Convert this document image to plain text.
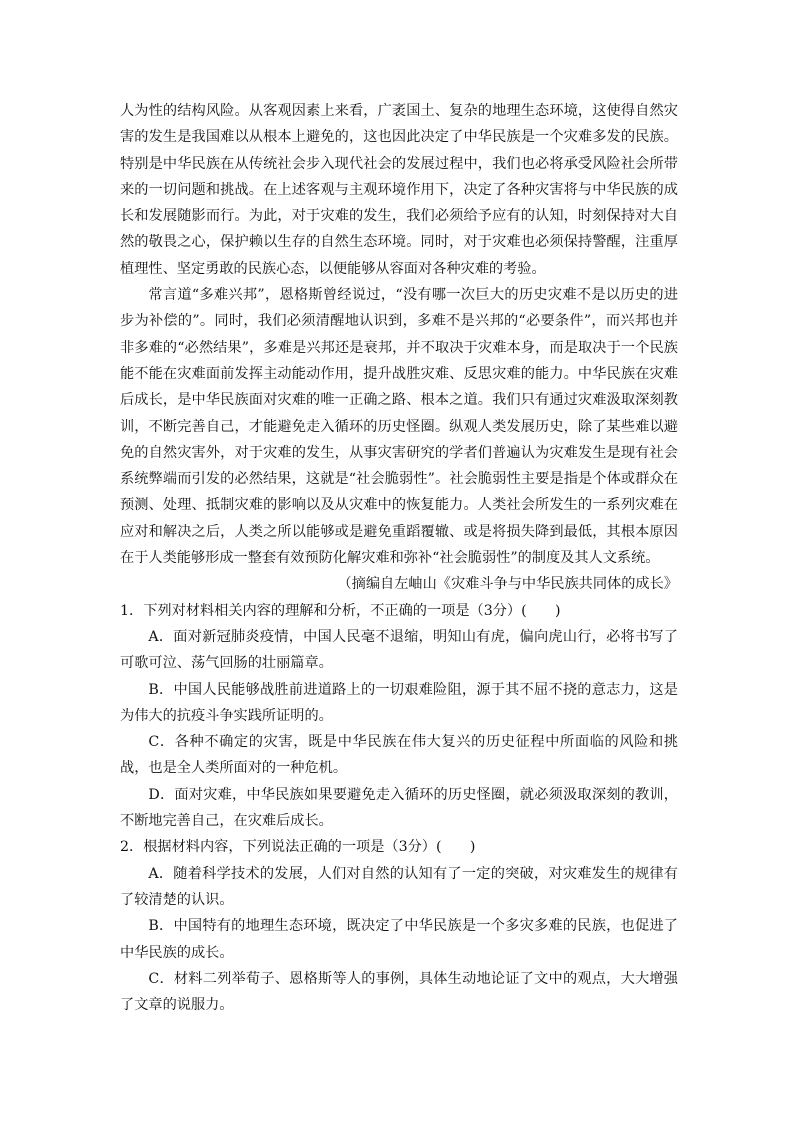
人为性的结构风险。从客观因素上来看，广袤国土、复杂的地理生态环境，这使得自然灾害的发生是我国难以从根本上避免的，这也因此决定了中华民族是一个灾难多发的民族。特别是中华民族在从传统社会步入现代社会的发展过程中，我们也必将承受风险社会所带来的一切问题和挑战。在上述客观与主观环境作用下，决定了各种灾害将与中华民族的成长和发展随影而行。为此，对于灾难的发生，我们必须给予应有的认知，时刻保持对大自然的敬畏之心，保护赖以生存的自然生态环境。同时，对于灾难也必须保持警醒，注重厚植理性、坚定勇敢的民族心态，以便能够从容面对各种灾难的考验。

常言道“多难兴邦”，恩格斯曾经说过，“没有哪一次巨大的历史灾难不是以历史的进步为补偿的”。同时，我们必须清醒地认识到，多难不是兴邦的“必要条件”，而兴邦也并非多难的“必然结果”，多难是兴邦还是衰邦，并不取决于灾难本身，而是取决于一个民族能不能在灾难面前发挥主动能动作用，提升战胜灾难、反思灾难的能力。中华民族在灾难后成长，是中华民族面对灾难的唯一正确之路、根本之道。我们只有通过灾难汲取深刻教训，不断完善自己，才能避免走入循环的历史怪圈。纵观人类发展历史，除了某些难以避免的自然灾害外，对于灾难的发生，从事灾害研究的学者们普遍认为灾难发生是现有社会系统弊端而引发的必然结果，这就是“社会脆弱性”。社会脆弱性主要是指是个体或群众在预测、处理、抵制灾难的影响以及从灾难中的恢复能力。人类社会所发生的一系列灾难在应对和解决之后，人类之所以能够或是避免重蹈覆辙、或是将损失降到最低，其根本原因在于人类能够形成一整套有效预防化解灾难和弥补“社会脆弱性”的制度及其人文系统。

（摘编自左岫山《灾难斗争与中华民族共同体的成长》

1．下列对材料相关内容的理解和分析，不正确的一项是（3分）(　　)

A．面对新冠肺炎疫情，中国人民毫不退缩，明知山有虎，偏向虎山行，必将书写了可歌可泣、荡气回肠的壮丽篇章。

B．中国人民能够战胜前进道路上的一切艰难险阻，源于其不屈不挠的意志力，这是为伟大的抗疫斗争实践所证明的。

C．各种不确定的灾害，既是中华民族在伟大复兴的历史征程中所面临的风险和挑战，也是全人类所面对的一种危机。

D．面对灾难，中华民族如果要避免走入循环的历史怪圈，就必须汲取深刻的教训，不断地完善自己，在灾难后成长。

2．根据材料内容，下列说法正确的一项是（3分）(　　)

A．随着科学技术的发展，人们对自然的认知有了一定的突破，对灾难发生的规律有了较清楚的认识。

B．中国特有的地理生态环境，既决定了中华民族是一个多灾多难的民族，也促进了中华民族的成长。

C．材料二列举荀子、恩格斯等人的事例，具体生动地论证了文中的观点，大大增强了文章的说服力。
